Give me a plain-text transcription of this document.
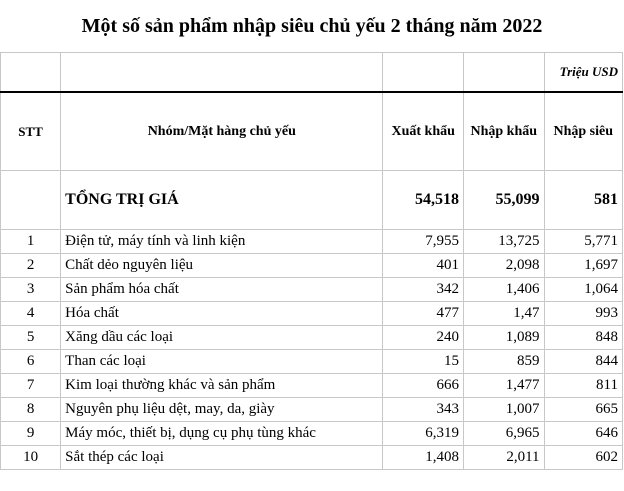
Một số sản phẩm nhập siêu chủ yếu 2 tháng năm 2022
				Triệu USD
STT	Nhóm/Mặt hàng chủ yếu	Xuất khẩu	Nhập khẩu	Nhập siêu
	TỔNG TRỊ GIÁ	54,518	55,099	581
1	Điện tử, máy tính và linh kiện	7,955	13,725	5,771
2	Chất dẻo nguyên liệu	401	2,098	1,697
3	Sản phẩm hóa chất	342	1,406	1,064
4	Hóa chất	477	1,47	993
5	Xăng dầu các loại	240	1,089	848
6	Than các loại	15	859	844
7	Kim loại thường khác và sản phẩm	666	1,477	811
8	Nguyên phụ liệu dệt, may, da, giày	343	1,007	665
9	Máy móc, thiết bị, dụng cụ phụ tùng khác	6,319	6,965	646
10	Sắt thép các loại	1,408	2,011	602
